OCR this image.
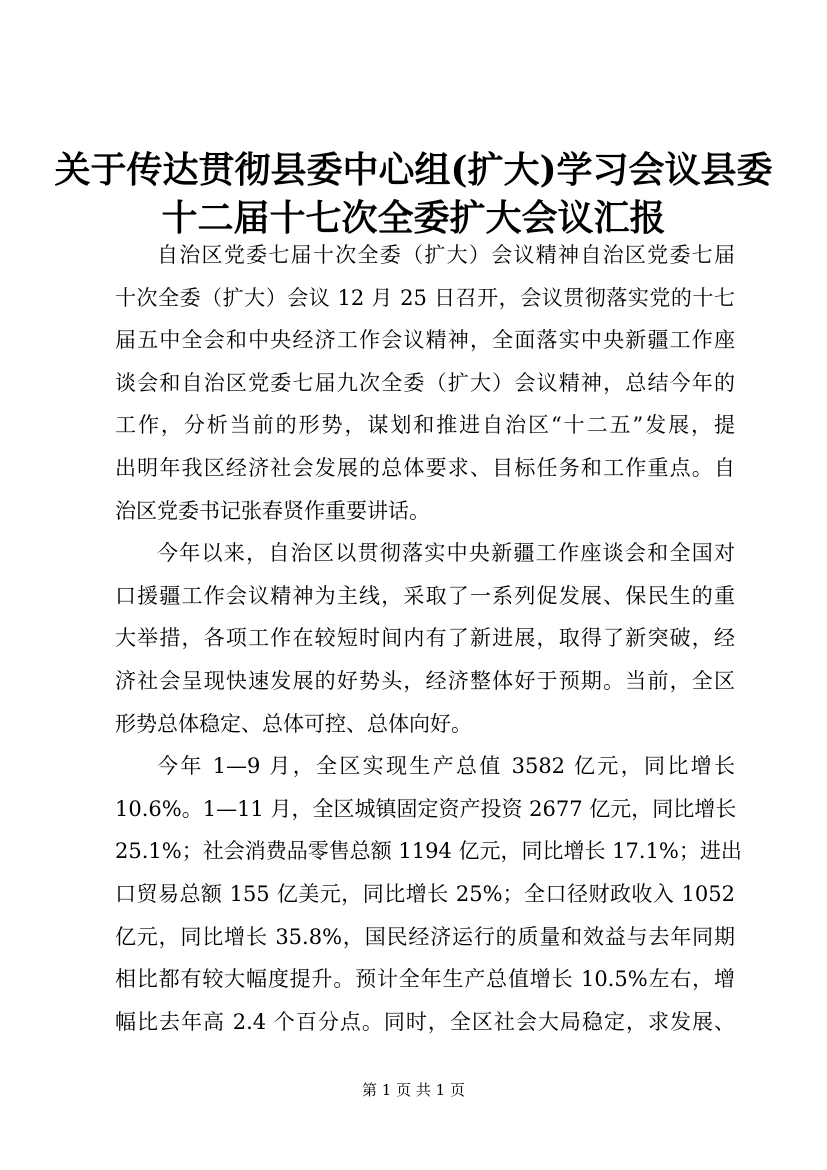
关于传达贯彻县委中心组(扩大)学习会议县委
十二届十七次全委扩大会议汇报
自治区党委七届十次全委（扩大）会议精神自治区党委七届
十次全委（扩大）会议 12 月 25 日召开，会议贯彻落实党的十七
届五中全会和中央经济工作会议精神，全面落实中央新疆工作座
谈会和自治区党委七届九次全委（扩大）会议精神，总结今年的
工作，分析当前的形势，谋划和推进自治区“十二五”发展，提
出明年我区经济社会发展的总体要求、目标任务和工作重点。自
治区党委书记张春贤作重要讲话。
今年以来，自治区以贯彻落实中央新疆工作座谈会和全国对
口援疆工作会议精神为主线，采取了一系列促发展、保民生的重
大举措，各项工作在较短时间内有了新进展，取得了新突破，经
济社会呈现快速发展的好势头，经济整体好于预期。当前，全区
形势总体稳定、总体可控、总体向好。
今年 1—9 月，全区实现生产总值 3582 亿元，同比增长
10.6%。1—11 月，全区城镇固定资产投资 2677 亿元，同比增长
25.1%；社会消费品零售总额 1194 亿元，同比增长 17.1%；进出
口贸易总额 155 亿美元，同比增长 25%；全口径财政收入 1052
亿元，同比增长 35.8%，国民经济运行的质量和效益与去年同期
相比都有较大幅度提升。预计全年生产总值增长 10.5%左右，增
幅比去年高 2.4 个百分点。同时，全区社会大局稳定，求发展、
第 1 页 共 1 页
